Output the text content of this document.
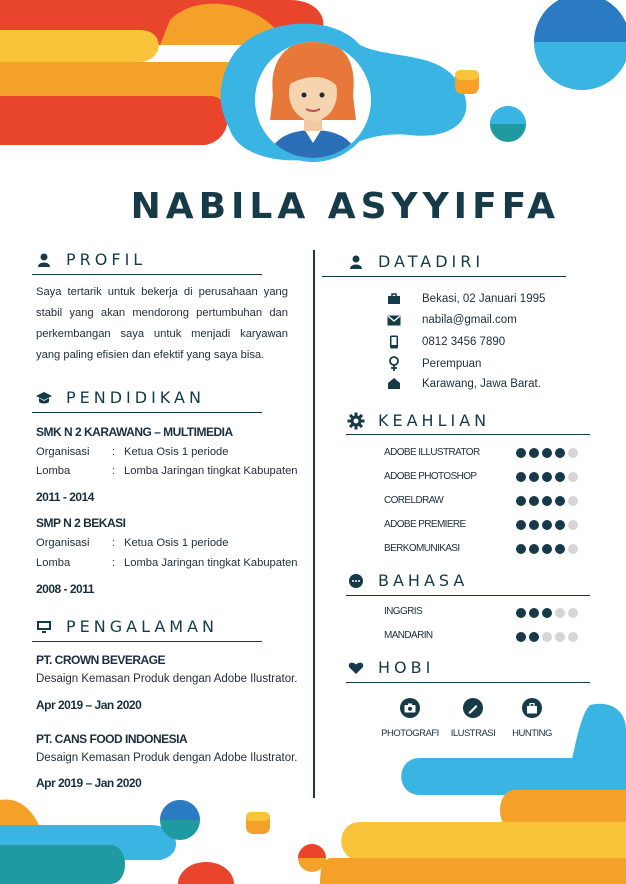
NABILA ASYYIFFA
PROFIL
Saya tertarik untuk bekerja di perusahaan yang stabil yang akan mendorong pertumbuhan dan perkembangan saya untuk menjadi karyawan yang paling efisien dan efektif yang saya bisa.
PENDIDIKAN
SMK N 2 KARAWANG – MULTIMEDIA
Organisasi : Ketua Osis 1 periode
Lomba	: Lomba Jaringan tingkat Kabupaten
2011 - 2014
SMP N 2 BEKASI
Organisasi : Ketua Osis 1 periode
Lomba	: Lomba Jaringan tingkat Kabupaten
2008 - 2011
PENGALAMAN
PT. CROWN BEVERAGE
Desaign Kemasan Produk dengan Adobe Ilustrator.
Apr 2019 – Jan 2020
PT. CANS FOOD INDONESIA
Desaign Kemasan Produk dengan Adobe Ilustrator.
Apr 2019 – Jan 2020
DATADIRI
Bekasi, 02 Januari 1995
nabila@gmail.com
0812 3456 7890
Perempuan
Karawang, Jawa Barat.
KEAHLIAN
ADOBE ILLUSTRATOR
ADOBE PHOTOSHOP
CORELDRAW
ADOBE PREMIERE
BERKOMUNIKASI
BAHASA
INGGRIS
MANDARIN
HOBI
PHOTOGRAFI	ILUSTRASI	HUNTING
